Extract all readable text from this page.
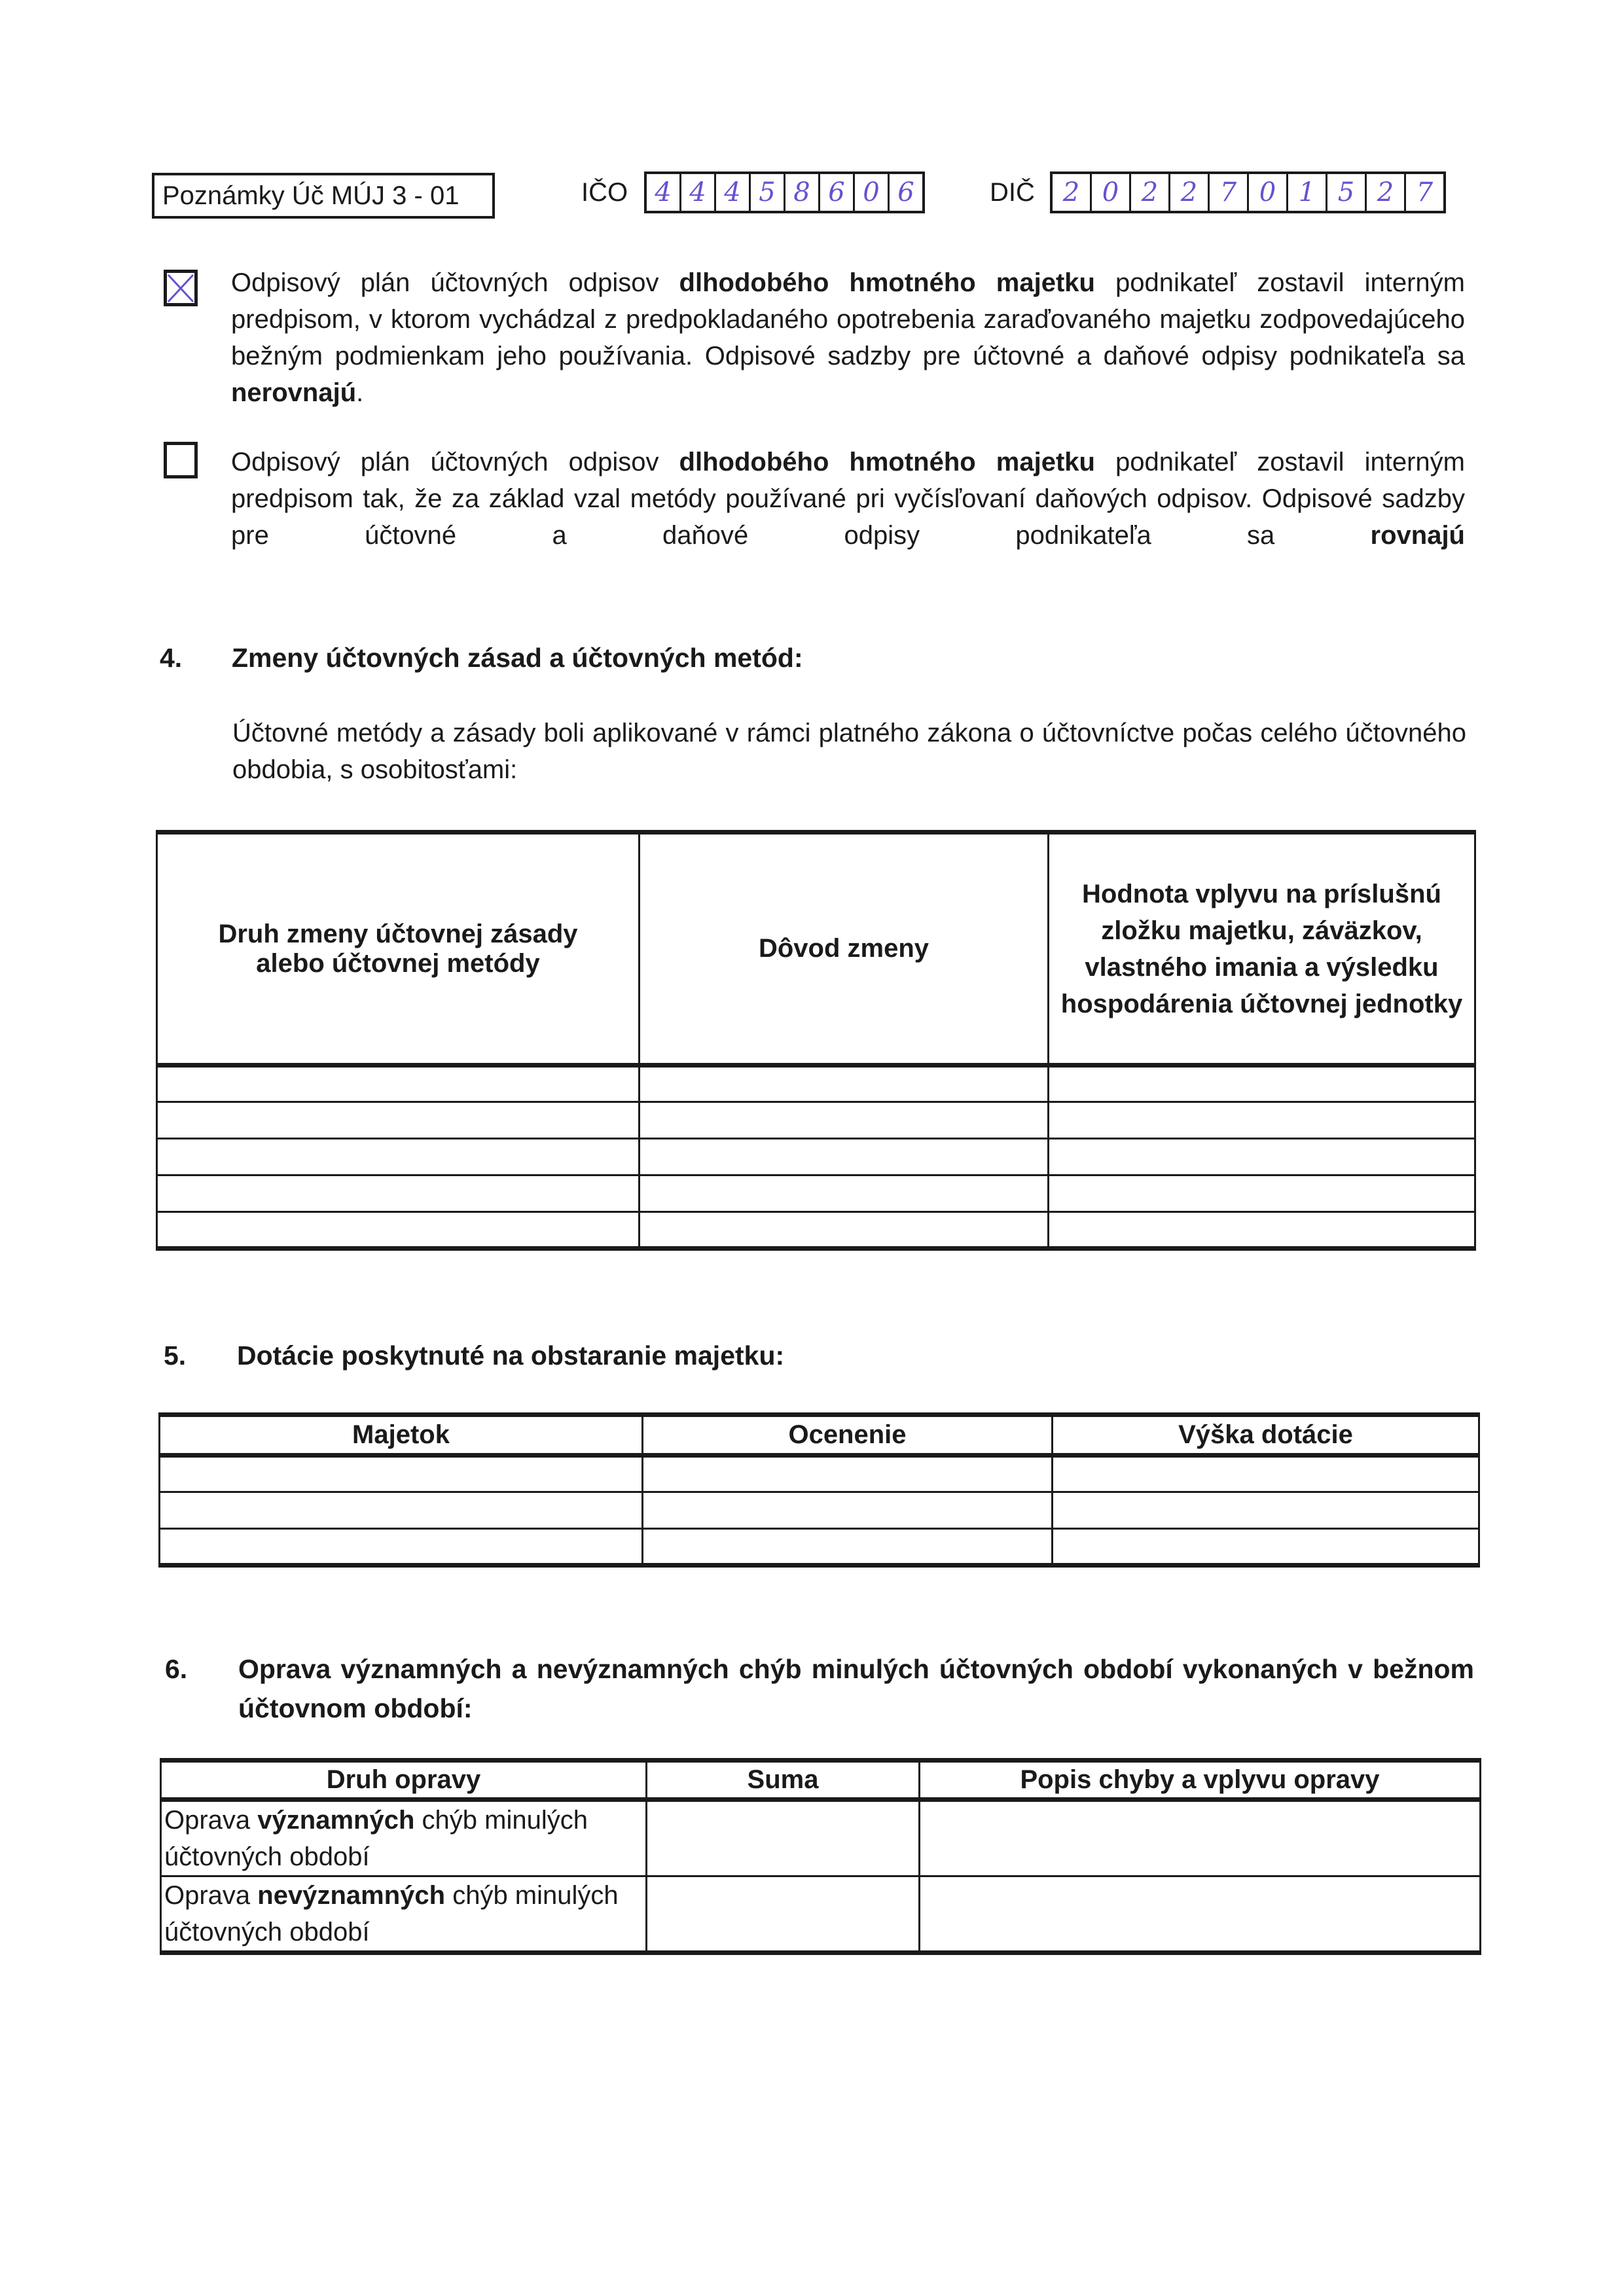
Poznámky Úč MÚJ 3 - 01	IČO	4 4 4 5 8 6 0 6	DIČ	2 0 2 2 7 0 1 5 2 7

Odpisový plán účtovných odpisov dlhodobého hmotného majetku podnikateľ zostavil interným predpisom, v ktorom vychádzal z predpokladaného opotrebenia zaraďovaného majetku zodpovedajúceho bežným podmienkam jeho používania. Odpisové sadzby pre účtovné a daňové odpisy podnikateľa sa nerovnajú.

Odpisový plán účtovných odpisov dlhodobého hmotného majetku podnikateľ zostavil interným predpisom tak, že za základ vzal metódy používané pri vyčísľovaní daňových odpisov. Odpisové sadzby pre účtovné a daňové odpisy podnikateľa sa rovnajú

4. Zmeny účtovných zásad a účtovných metód:

Účtovné metódy a zásady boli aplikované v rámci platného zákona o účtovníctve počas celého účtovného obdobia, s osobitosťami:

Druh zmeny účtovnej zásady alebo účtovnej metódy	Dôvod zmeny	Hodnota vplyvu na príslušnú zložku majetku, záväzkov, vlastného imania a výsledku hospodárenia účtovnej jednotky

5. Dotácie poskytnuté na obstaranie majetku:
Majetok	Ocenenie	Výška dotácie

6.	Oprava významných a nevýznamných chýb minulých účtovných období vykonaných v bežnom účtovnom období:
Druh opravy	Suma	Popis chyby a vplyvu opravy
Oprava významných chýb minulých účtovných období		
Oprava nevýznamných chýb minulých účtovných období		
